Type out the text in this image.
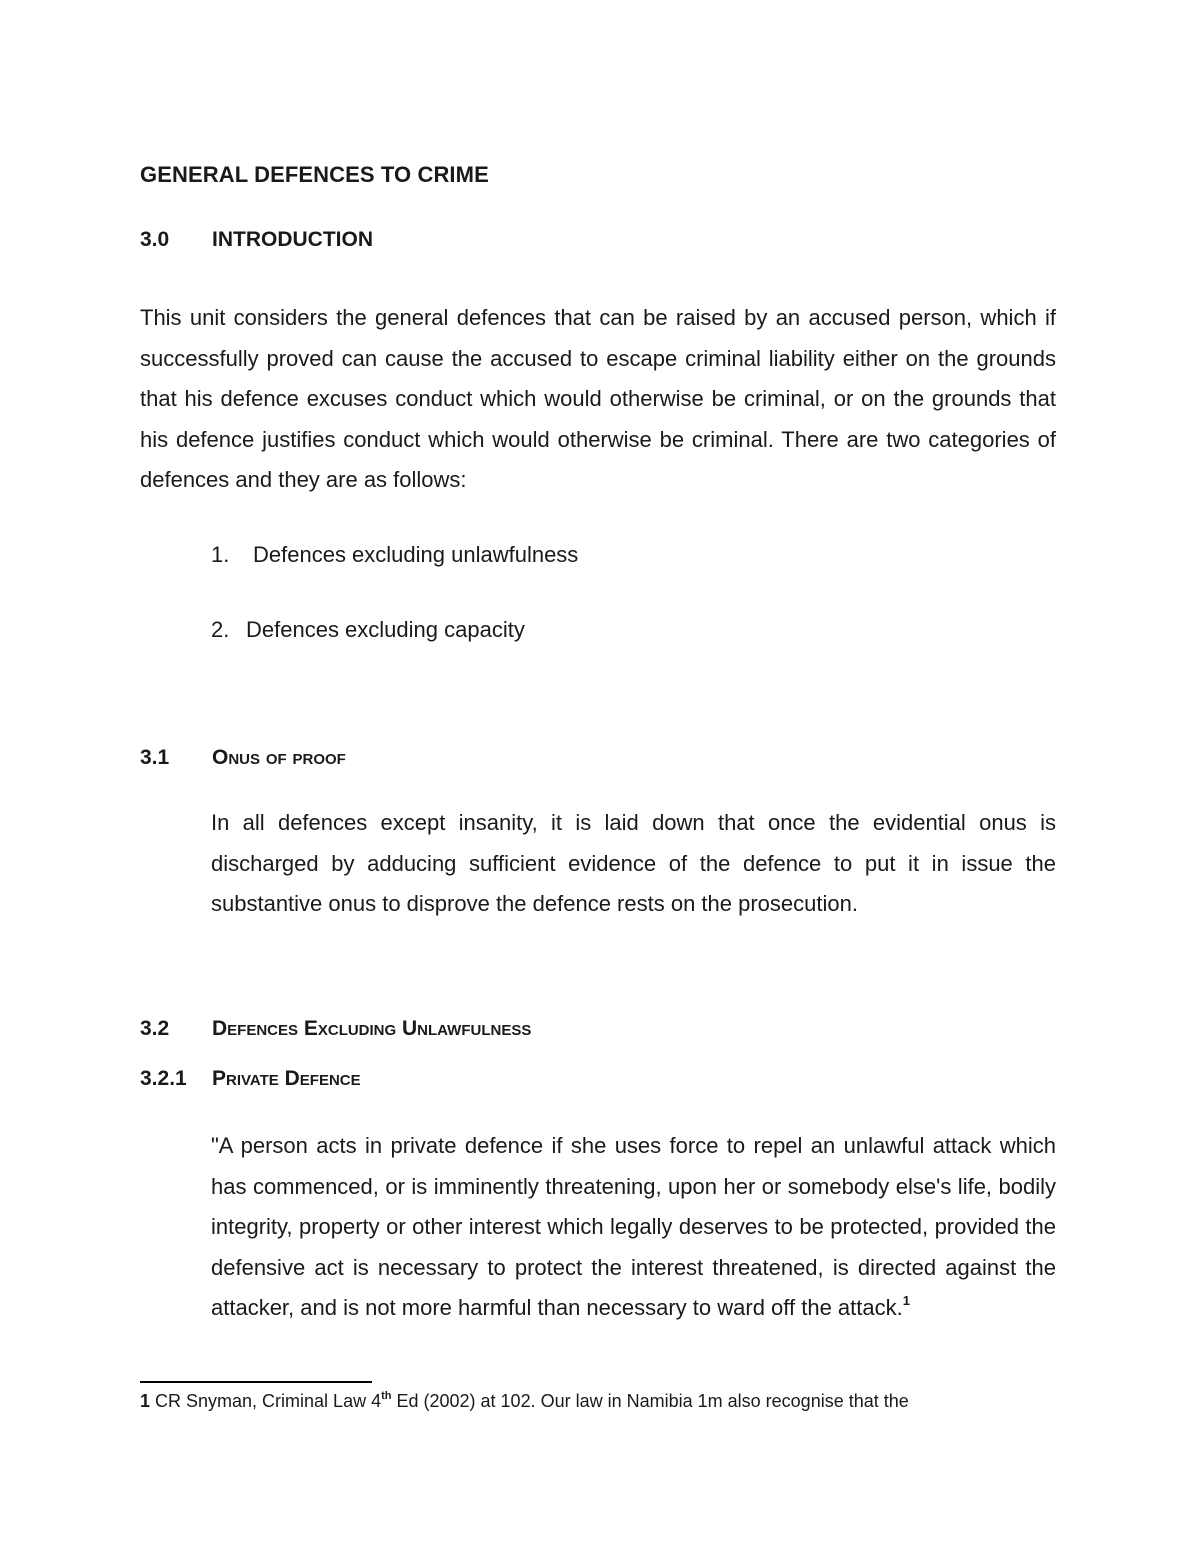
GENERAL DEFENCES TO CRIME
3.0 INTRODUCTION
This unit considers the general defences that can be raised by an accused person, which if successfully proved can cause the accused to escape criminal liability either on the grounds that his defence excuses conduct which would otherwise be criminal, or on the grounds that his defence justifies conduct which would otherwise be criminal. There are two categories of defences and they are as follows:
1. Defences excluding unlawfulness
2. Defences excluding capacity
3.1 Onus of proof
In all defences except insanity, it is laid down that once the evidential onus is discharged by adducing sufficient evidence of the defence to put it in issue the substantive onus to disprove the defence rests on the prosecution.
3.2 Defences Excluding Unlawfulness
3.2.1 Private Defence
"A person acts in private defence if she uses force to repel an unlawful attack which has commenced, or is imminently threatening, upon her or somebody else's life, bodily integrity, property or other interest which legally deserves to be protected, provided the defensive act is necessary to protect the interest threatened, is directed against the attacker, and is not more harmful than necessary to ward off the attack.$^1$
1 CR Snyman, Criminal Law 4th Ed (2002) at 102. Our law in Namibia 1m also recognise that the
